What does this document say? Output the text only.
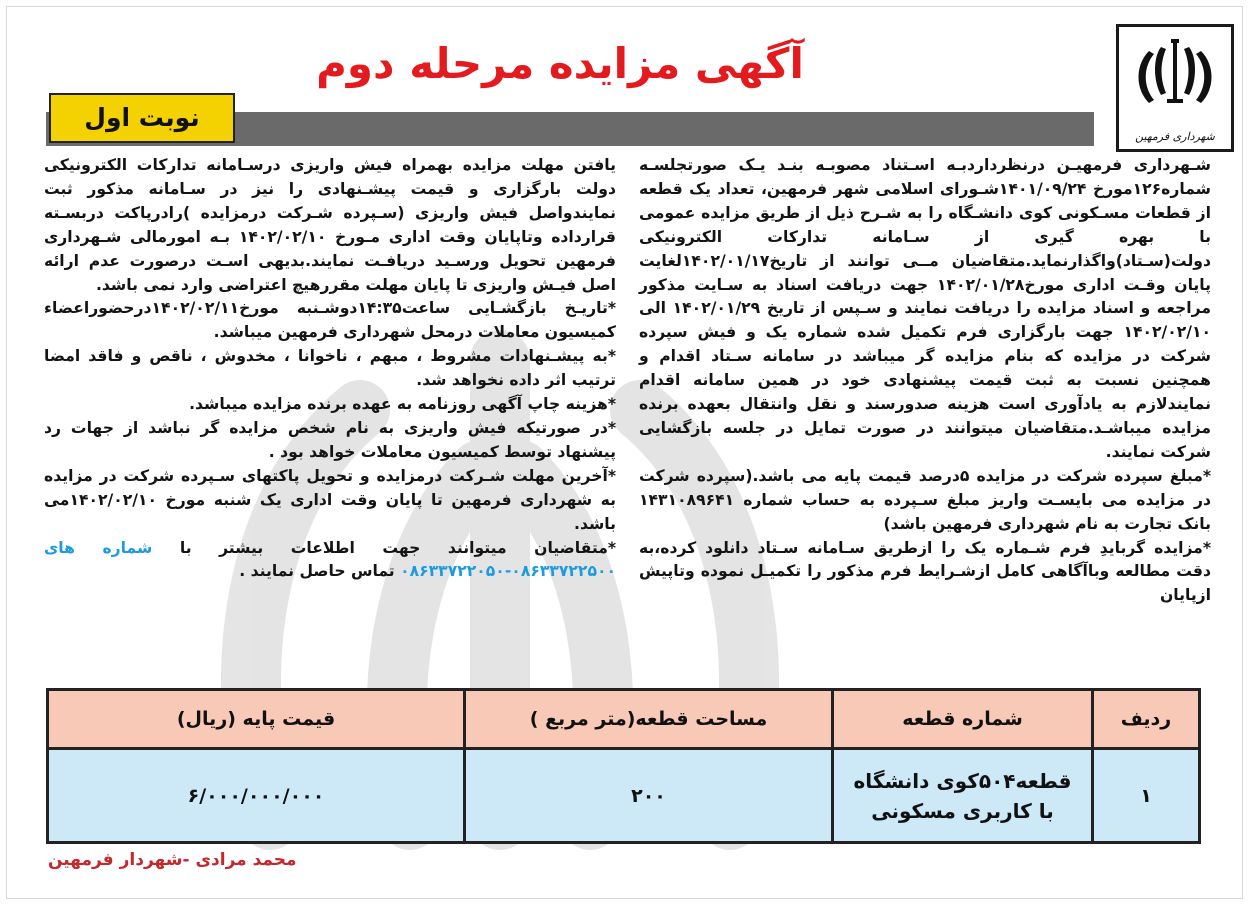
شهرداری فرمهین
آگهی مزایده مرحله دوم
نوبت اول

شـهرداری فرمهیـن درنظرداردبـه اسـتناد مصوبـه بنـد یـک صورتجلسـه شماره۱۲۶مورخ ۱۴۰۱/۰۹/۲۴شـورای اسلامی شهر فرمهین، تعداد یک قطعه از قطعات مسـکونی کوی دانشـگاه را به شـرح ذیل از طریق مزایده عمومی با بهره گیری از سـامانه تدارکات الکترونیکی دولت(سـتاد)واگذارنماید.متقاضیان مــی توانند از تاریخ۱۴۰۲/۰۱/۱۷لغایت پایان وقـت اداری مورخ۱۴۰۲/۰۱/۲۸ جهت دریافت اسناد به سـایت مذکور مراجعه و اسناد مزایده را دریافت نمایند و سـپس از تاریخ ۱۴۰۲/۰۱/۲۹ الی ۱۴۰۲/۰۲/۱۰ جهت بارگزاری فرم تکمیل شده شماره یک و فیش سپرده شرکت در مزایده که بنام مزایده گر میباشد در سامانه سـتاد اقدام و همچنین نسبت به ثبت قیمت پیشنهادی خود در همین سامانه اقدام نمایندلازم به یادآوری است هزینه صدورسند و نقل وانتقال بعهده برنده مزایده میباشـد.متقاضیان میتوانند در صورت تمایل در جلسه بازگشایی شرکت نمایند.

*مبلغ سپرده شرکت در مزایده ۵درصد قیمت پایه می باشد.(سپرده شرکت در مزایده می بایسـت واریز مبلغ سـپرده به حساب شماره ۱۴۳۱۰۸۹۶۴۱ بانک تجارت به نام شهرداری فرمهین باشد)

*مزایده گربایدِ فرم شـماره یک را ازطریق سـامانه سـتاد دانلود کرده،به دقت مطالعه وباآگاهی کامل ازشـرایط فرم مذکور را تکمیـل نموده وتاپیش ازپایان

یافتن مهلت مزایده بهمراه فیش واریزی درسـامانه تدارکات الکترونیکی دولت بارگزاری و قیمت پیشـنهادی را نیز در سـامانه مذکور ثبت نمایندواصل فیش واریزی (سـپرده شـرکت درمزایده )رادرپاکت دربسـته قرارداده وتاپایان وقت اداری مـورخ ۱۴۰۲/۰۲/۱۰ بـه امورمالی شـهرداری فرمهین تحویل ورسـید دریافـت نمایند.بدیهی اسـت درصورت عدم ارائه اصل فیـش واریزی تا پایان مهلت مقررهیچ اعتراضی وارد نمی باشد.

*تاریـخ بازگشـایی ساعت۱۴:۳۵دوشـنبه مورخ۱۴۰۲/۰۲/۱۱درحضوراعضاء کمیسیون معاملات درمحل شهرداری فرمهین میباشد.

*به پیشـنهادات مشروط ، مبهم ، ناخوانا ، مخدوش ، ناقص و فاقد امضا ترتیب اثر داده نخواهد شد.

*هزینه چاپ آگهی روزنامه به عهده برنده مزایده میباشد.

*در صورتیکه فیش واریزی به نام شخص مزایده گر نباشد از جهات رد پیشنهاد توسط کمیسیون معاملات خواهد بود .

*آخرین مهلت شـرکت درمزایده و تحویل پاکتهای سـپرده شرکت در مزایده به شهرداری فرمهین تا پایان وقت اداری یک شنبه مورخ ۱۴۰۲/۰۲/۱۰می باشد.

*متقاضیان میتوانند جهت اطلاعات بیشتر با شماره های ۰۸۶۳۳۷۲۲۵۰۰-۰۸۶۳۳۷۲۲۰۵۰ تماس حاصل نمایند .

ردیف
شماره قطعه
مساحت قطعه(متر مربع )
قیمت پایه (ریال)
۱
قطعه۵۰۴کوی دانشگاه
با کاربری مسکونی
۲۰۰
۶/۰۰۰/۰۰۰/۰۰۰
محمد مرادی -شهردار فرمهین
